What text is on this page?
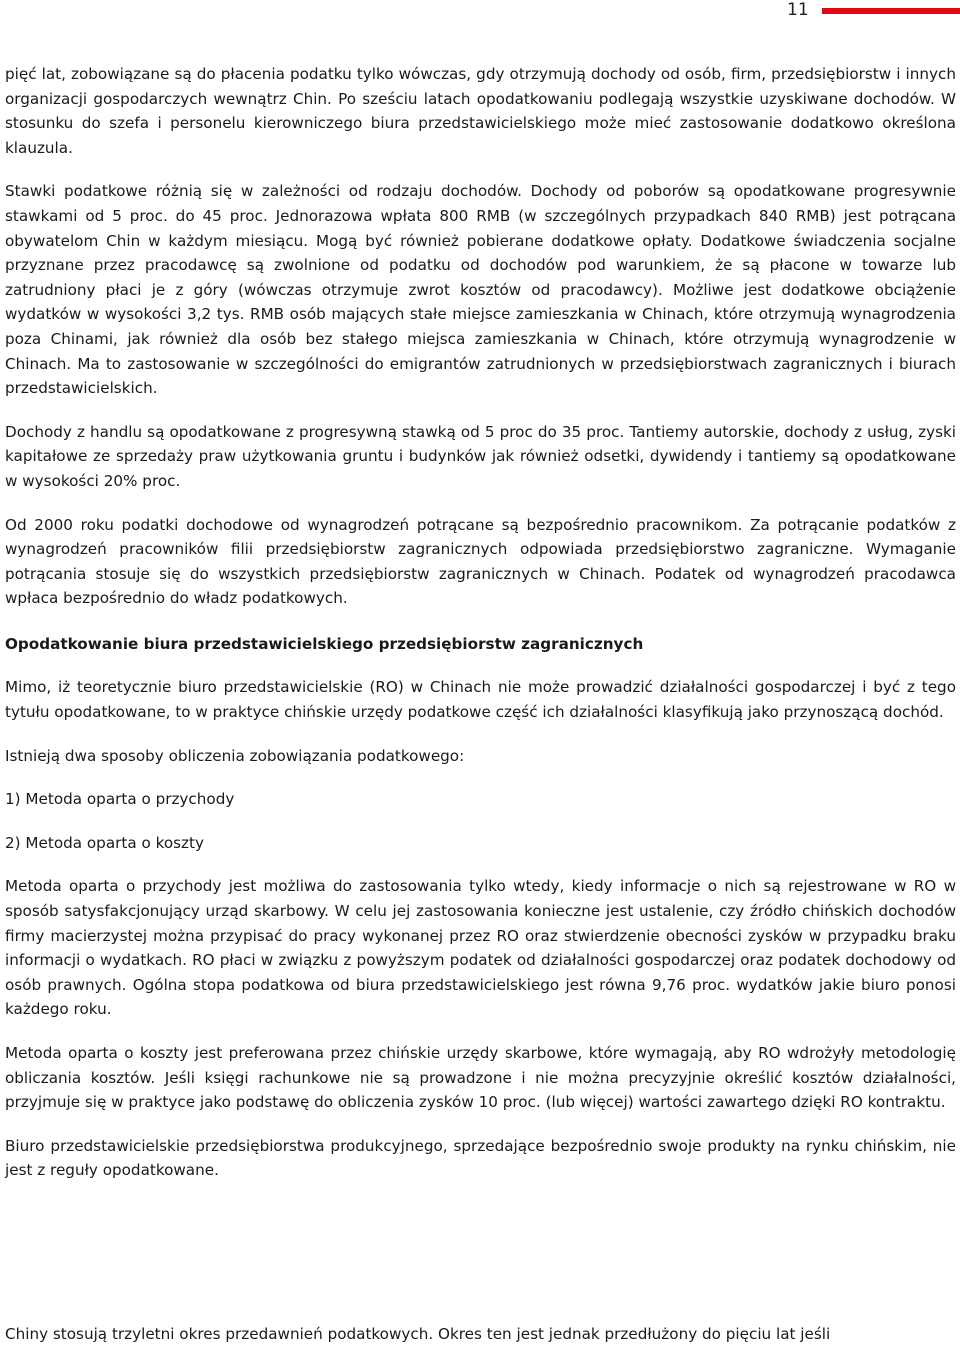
11

pięć lat, zobowiązane są do płacenia podatku tylko wówczas, gdy otrzymują dochody od osób, firm, przedsiębiorstw i innych organizacji gospodarczych wewnątrz Chin. Po sześciu latach opodatkowaniu podlegają wszystkie uzyskiwane dochodów. W stosunku do szefa i personelu kierowniczego biura przedstawicielskiego może mieć zastosowanie dodatkowo określona klauzula.

Stawki podatkowe różnią się w zależności od rodzaju dochodów. Dochody od poborów są opodatkowane progresywnie stawkami od 5 proc. do 45 proc. Jednorazowa wpłata 800 RMB (w szczególnych przypadkach 840 RMB) jest potrącana obywatelom Chin w każdym miesiącu. Mogą być również pobierane dodatkowe opłaty. Dodatkowe świadczenia socjalne przyznane przez pracodawcę są zwolnione od podatku od dochodów pod warunkiem, że są płacone w towarze lub zatrudniony płaci je z góry (wówczas otrzymuje zwrot kosztów od pracodawcy). Możliwe jest dodatkowe obciążenie wydatków w wysokości 3,2 tys. RMB osób mających stałe miejsce zamieszkania w Chinach, które otrzymują wynagrodzenia poza Chinami, jak również dla osób bez stałego miejsca zamieszkania w Chinach, które otrzymują wynagrodzenie w Chinach. Ma to zastosowanie w szczególności do emigrantów zatrudnionych w przedsiębiorstwach zagranicznych i biurach przedstawicielskich.

Dochody z handlu są opodatkowane z progresywną stawką od 5 proc do 35 proc. Tantiemy autorskie, dochody z usług, zyski kapitałowe ze sprzedaży praw użytkowania gruntu i budynków jak również odsetki, dywidendy i tantiemy są opodatkowane w wysokości 20% proc.

Od 2000 roku podatki dochodowe od wynagrodzeń potrącane są bezpośrednio pracownikom. Za potrącanie podatków z wynagrodzeń pracowników filii przedsiębiorstw zagranicznych odpowiada przedsiębiorstwo zagraniczne. Wymaganie potrącania stosuje się do wszystkich przedsiębiorstw zagranicznych w Chinach. Podatek od wynagrodzeń pracodawca wpłaca bezpośrednio do władz podatkowych.

Opodatkowanie biura przedstawicielskiego przedsiębiorstw zagranicznych

Mimo, iż teoretycznie biuro przedstawicielskie (RO) w Chinach nie może prowadzić działalności gospodarczej i być z tego tytułu opodatkowane, to w praktyce chińskie urzędy podatkowe część ich działalności klasyfikują jako przynoszącą dochód.

Istnieją dwa sposoby obliczenia zobowiązania podatkowego:

1) Metoda oparta o przychody

2) Metoda oparta o koszty

Metoda oparta o przychody jest możliwa do zastosowania tylko wtedy, kiedy informacje o nich są rejestrowane w RO w sposób satysfakcjonujący urząd skarbowy. W celu jej zastosowania konieczne jest ustalenie, czy źródło chińskich dochodów firmy macierzystej można przypisać do pracy wykonanej przez RO oraz stwierdzenie obecności zysków w przypadku braku informacji o wydatkach. RO płaci w związku z powyższym podatek od działalności gospodarczej oraz podatek dochodowy od osób prawnych. Ogólna stopa podatkowa od biura przedstawicielskiego jest równa 9,76 proc. wydatków jakie biuro ponosi każdego roku.

Metoda oparta o koszty jest preferowana przez chińskie urzędy skarbowe, które wymagają, aby RO wdrożyły metodologię obliczania kosztów. Jeśli księgi rachunkowe nie są prowadzone i nie można precyzyjnie określić kosztów działalności, przyjmuje się w praktyce jako podstawę do obliczenia zysków 10 proc. (lub więcej) wartości zawartego dzięki RO kontraktu.

Biuro przedstawicielskie przedsiębiorstwa produkcyjnego, sprzedające bezpośrednio swoje produkty na rynku chińskim, nie jest z reguły opodatkowane.

Chiny stosują trzyletni okres przedawnień podatkowych. Okres ten jest jednak przedłużony do pięciu lat jeśli
